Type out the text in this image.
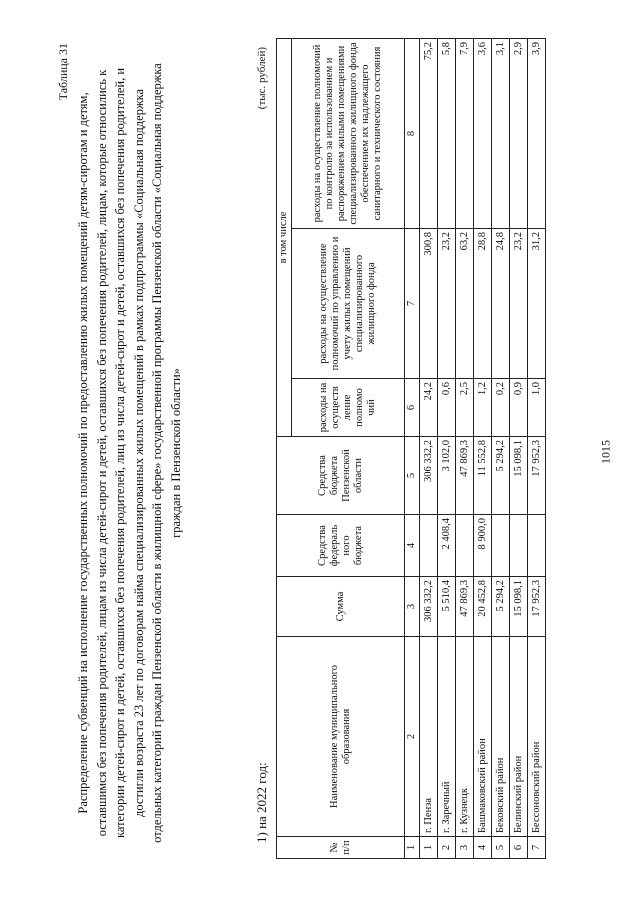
1015
Таблица 31
Распределение субвенций на исполнение государственных полномочий по предоставлению жилых помещений детям-сиротам и детям, оставшимся без попечения родителей, лицам из числа детей-сирот и детей, оставшихся без попечения родителей, лицам, которые относились к категории детей-сирот и детей, оставшихся без попечения родителей, лиц из числа детей-сирот и детей, оставшихся без попечения родителей, и достигли возраста 23 лет по договорам найма специализированных жилых помещений в рамках подпрограммы «Социальная поддержка отдельных категорий граждан Пензенской области в жилищной сфере» государственной программы Пензенской области «Социальная поддержка граждан в Пензенской области»
1) на 2022 год:
(тыс. рублей)
№ п/п	Наименование муниципального образования	Сумма	Средства федераль ного бюджета	Средства бюджета Пензенской области	в том числе		
					расходы на осуществ ление полномо чий	расходы на осуществление полномочий по управлению и учету жилых помещений специализированного жилищного фонда	расходы на осуществление полномочий по контролю за использованием и распоряжением жилыми помещениями специализированного жилищного фонда обеспечением их надлежащего санитарного и технического состояния
1	2	3	4	5	6	7	8
1	г. Пенза	306 332,2		306 332,2	24,2	300,8	75,2
2	г. Заречный	5 510,4	2 408,4	3 102,0	0,6	23,2	5,8
3	г. Кузнецк	47 869,3		47 869,3	2,5	63,2	7,9
4	Башмаковский район	20 452,8	8 900,0	11 552,8	1,2	28,8	3,6
5	Бековский район	5 294,2		5 294,2	0,2	24,8	3,1
6	Белинский район	15 098,1		15 098,1	0,9	23,2	2,9
7	Бессоновский район	17 952,3		17 952,3	1,0	31,2	3,9
